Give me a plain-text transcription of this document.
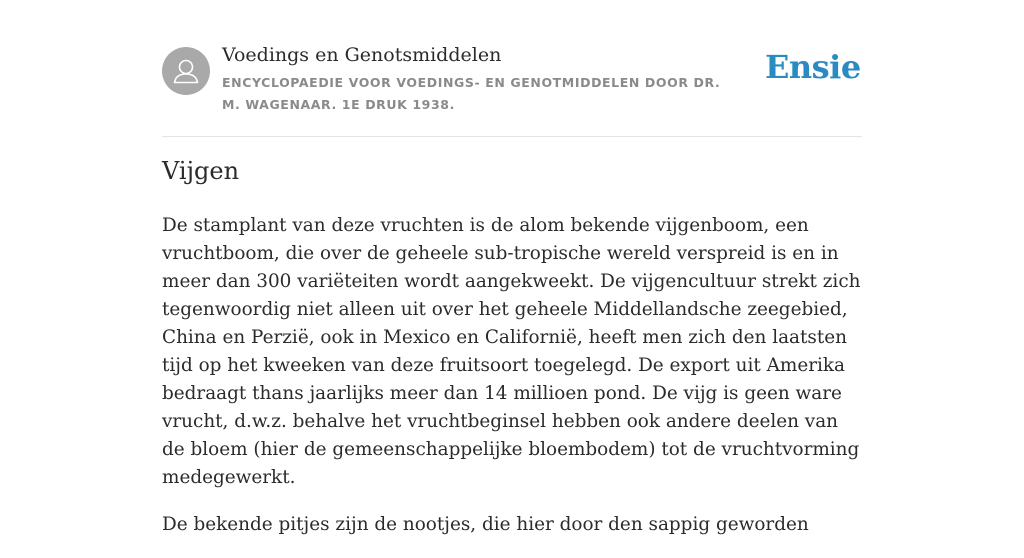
Voedings en Genotsmiddelen
ENCYCLOPAEDIE VOOR VOEDINGS- EN GENOTMIDDELEN DOOR DR. M. WAGENAAR. 1E DRUK 1938.
Ensie
Vijgen

De stamplant van deze vruchten is de alom bekende vijgenboom, een vruchtboom, die over de geheele sub-tropische wereld verspreid is en in meer dan 300 variëteiten wordt aangekweekt. De vijgencultuur strekt zich tegenwoordig niet alleen uit over het geheele Middellandsche zeegebied, China en Perzië, ook in Mexico en Californië, heeft men zich den laatsten tijd op het kweeken van deze fruitsoort toegelegd. De export uit Amerika bedraagt thans jaarlijks meer dan 14 millioen pond. De vijg is geen ware vrucht, d.w.z. behalve het vruchtbeginsel hebben ook andere deelen van de bloem (hier de gemeenschappelijke bloembodem) tot de vruchtvorming medegewerkt.

De bekende pitjes zijn de nootjes, die hier door den sappig geworden
